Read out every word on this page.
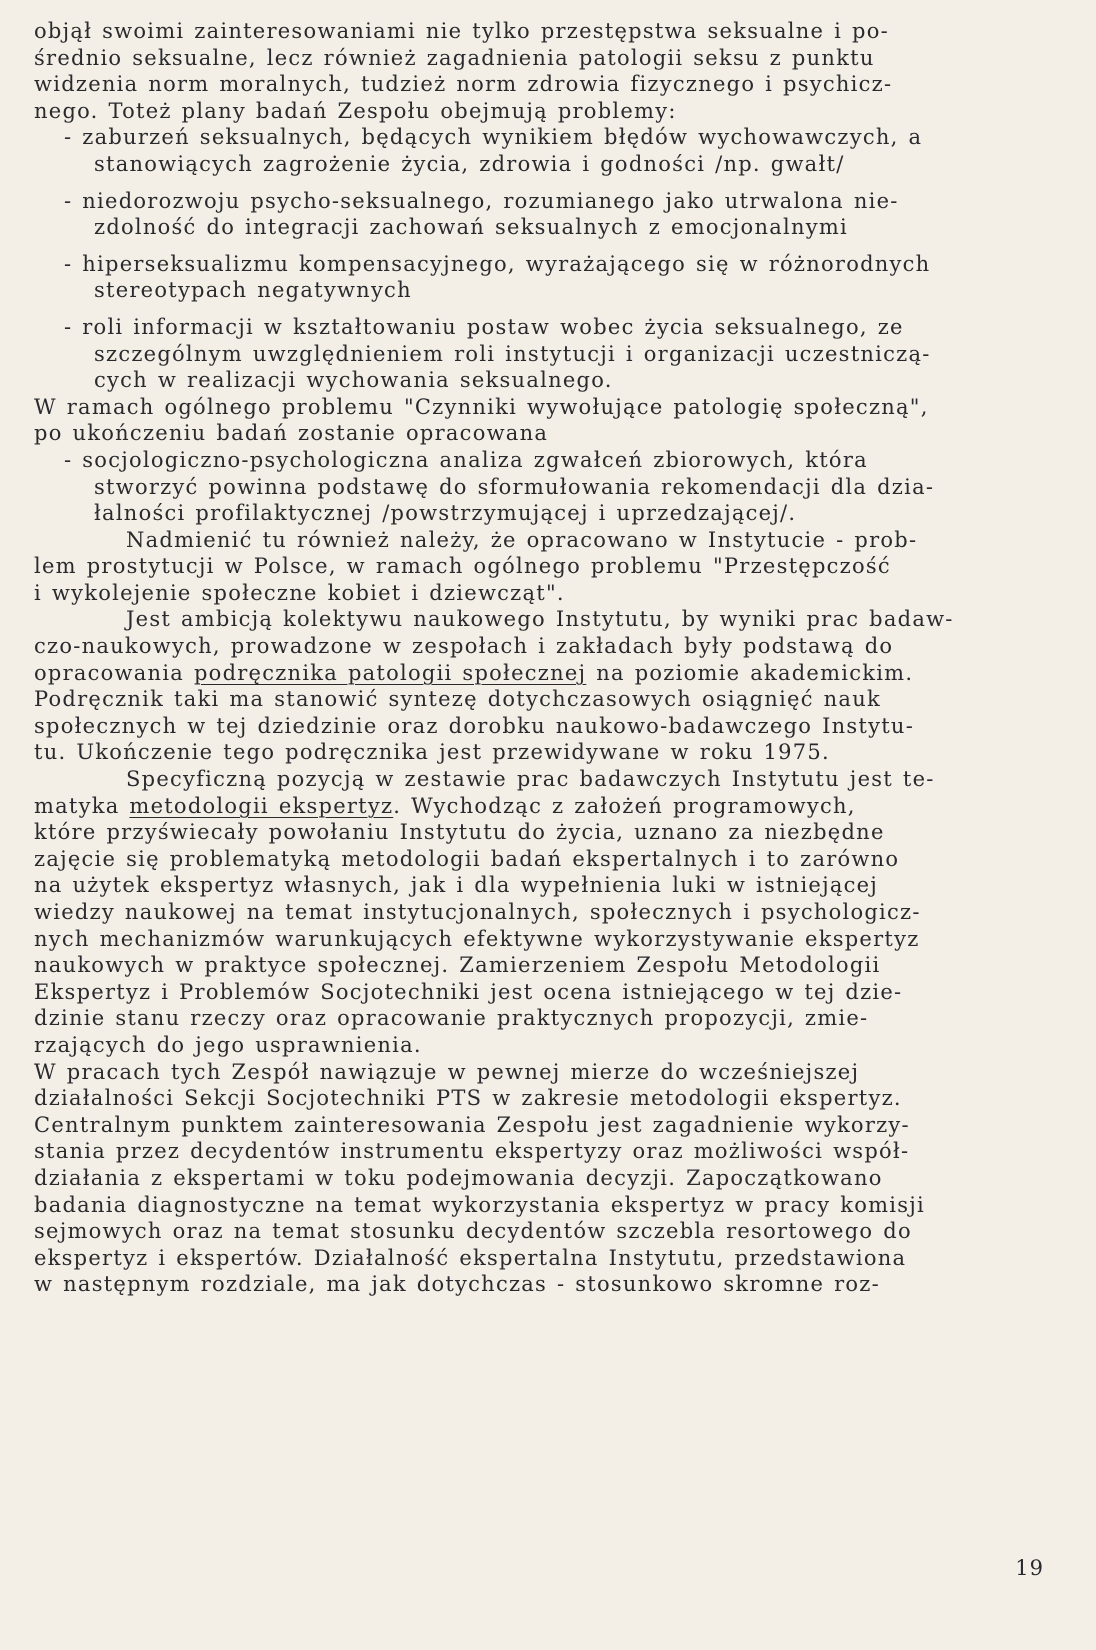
objął swoimi zainteresowaniami nie tylko przestępstwa seksualne i po-
średnio seksualne, lecz również zagadnienia patologii seksu z punktu
widzenia norm moralnych, tudzież norm zdrowia fizycznego i psychicz-
nego. Toteż plany badań Zespołu obejmują problemy:
- zaburzeń seksualnych, będących wynikiem błędów wychowawczych, a
stanowiących zagrożenie życia, zdrowia i godności /np. gwałt/
- niedorozwoju psycho-seksualnego, rozumianego jako utrwalona nie-
zdolność do integracji zachowań seksualnych z emocjonalnymi
- hiperseksualizmu kompensacyjnego, wyrażającego się w różnorodnych
stereotypach negatywnych
- roli informacji w kształtowaniu postaw wobec życia seksualnego, ze
szczególnym uwzględnieniem roli instytucji i organizacji uczestniczą-
cych w realizacji wychowania seksualnego.
W ramach ogólnego problemu "Czynniki wywołujące patologię społeczną",
po ukończeniu badań zostanie opracowana
- socjologiczno-psychologiczna analiza zgwałceń zbiorowych, która
stworzyć powinna podstawę do sformułowania rekomendacji dla dzia-
łalności profilaktycznej /powstrzymującej i uprzedzającej/.
Nadmienić tu również należy, że opracowano w Instytucie - prob-
lem prostytucji w Polsce, w ramach ogólnego problemu "Przestępczość
i wykolejenie społeczne kobiet i dziewcząt".
Jest ambicją kolektywu naukowego Instytutu, by wyniki prac badaw-
czo-naukowych, prowadzone w zespołach i zakładach były podstawą do
opracowania podręcznika patologii społecznej na poziomie akademickim.
Podręcznik taki ma stanowić syntezę dotychczasowych osiągnięć nauk
społecznych w tej dziedzinie oraz dorobku naukowo-badawczego Instytu-
tu. Ukończenie tego podręcznika jest przewidywane w roku 1975.
Specyficzną pozycją w zestawie prac badawczych Instytutu jest te-
matyka metodologii ekspertyz. Wychodząc z założeń programowych,
które przyświecały powołaniu Instytutu do życia, uznano za niezbędne
zajęcie się problematyką metodologii badań ekspertalnych i to zarówno
na użytek ekspertyz własnych, jak i dla wypełnienia luki w istniejącej
wiedzy naukowej na temat instytucjonalnych, społecznych i psychologicz-
nych mechanizmów warunkujących efektywne wykorzystywanie ekspertyz
naukowych w praktyce społecznej. Zamierzeniem Zespołu Metodologii
Ekspertyz i Problemów Socjotechniki jest ocena istniejącego w tej dzie-
dzinie stanu rzeczy oraz opracowanie praktycznych propozycji, zmie-
rzających do jego usprawnienia.
W pracach tych Zespół nawiązuje w pewnej mierze do wcześniejszej
działalności Sekcji Socjotechniki PTS w zakresie metodologii ekspertyz.
Centralnym punktem zainteresowania Zespołu jest zagadnienie wykorzy-
stania przez decydentów instrumentu ekspertyzy oraz możliwości współ-
działania z ekspertami w toku podejmowania decyzji. Zapoczątkowano
badania diagnostyczne na temat wykorzystania ekspertyz w pracy komisji
sejmowych oraz na temat stosunku decydentów szczebla resortowego do
ekspertyz i ekspertów. Działalność ekspertalna Instytutu, przedstawiona
w następnym rozdziale, ma jak dotychczas - stosunkowo skromne roz-
19
